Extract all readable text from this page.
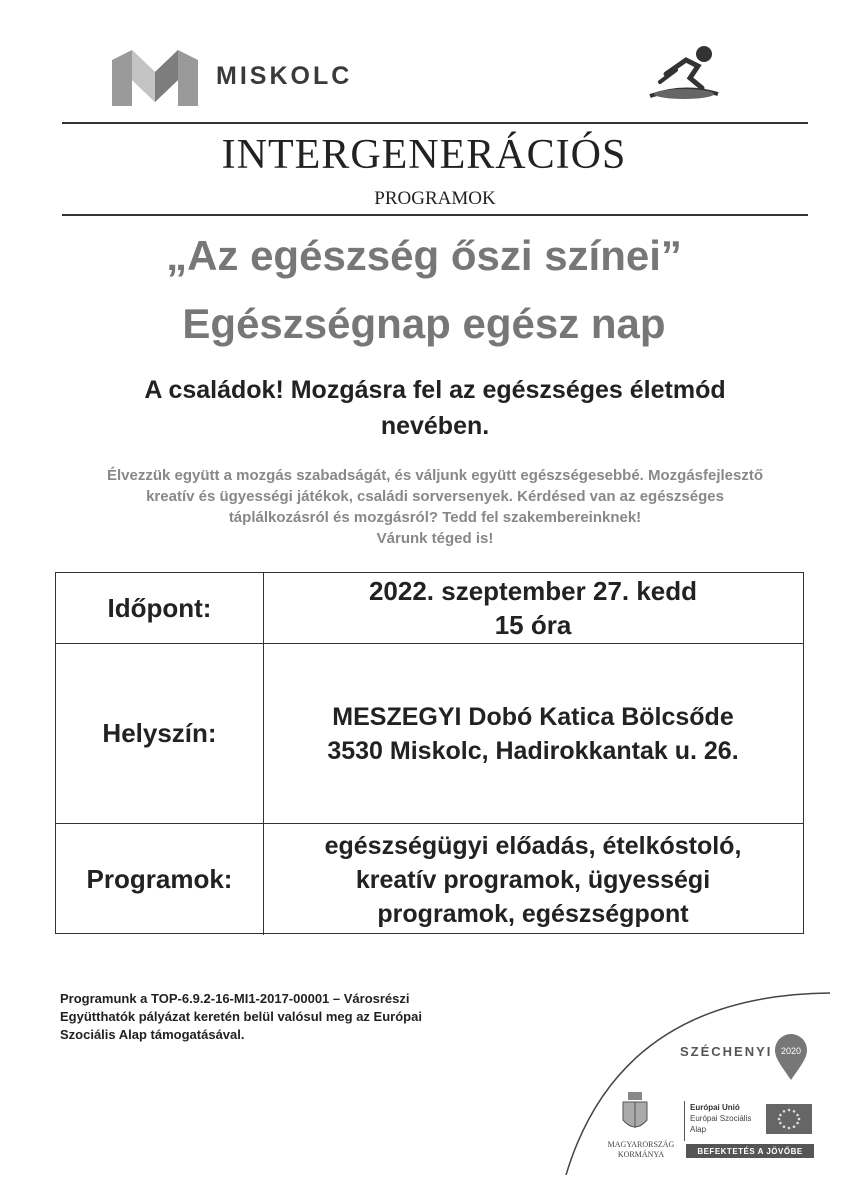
MISKOLC
INTERGENERÁCIÓS
PROGRAMOK
„Az egészség őszi színei”
Egészségnap egész nap
A családok! Mozgásra fel az egészséges életmód
nevében.
Élvezzük együtt a mozgás szabadságát, és váljunk együtt egészségesebbé. Mozgásfejlesztő
kreatív és ügyességi játékok, családi sorversenyek. Kérdésed van az egészséges
táplálkozásról és mozgásról? Tedd fel szakembereinknek!
Várunk téged is!
Időpont:
2022. szeptember 27. kedd
15 óra
Helyszín:
MESZEGYI Dobó Katica Bölcsőde
3530 Miskolc, Hadirokkantak u. 26.
Programok:
egészségügyi előadás, ételkóstoló,
kreatív programok, ügyességi
programok, egészségpont
Programunk a TOP-6.9.2-16-MI1-2017-00001 – Városrészi
Együtthatók pályázat keretén belül valósul meg az Európai
Szociális Alap támogatásával.
SZÉCHENYI 2020
MAGYARORSZÁG
KORMÁNYA
Európai Unió
Európai Szociális
Alap
BEFEKTETÉS A JÖVŐBE
